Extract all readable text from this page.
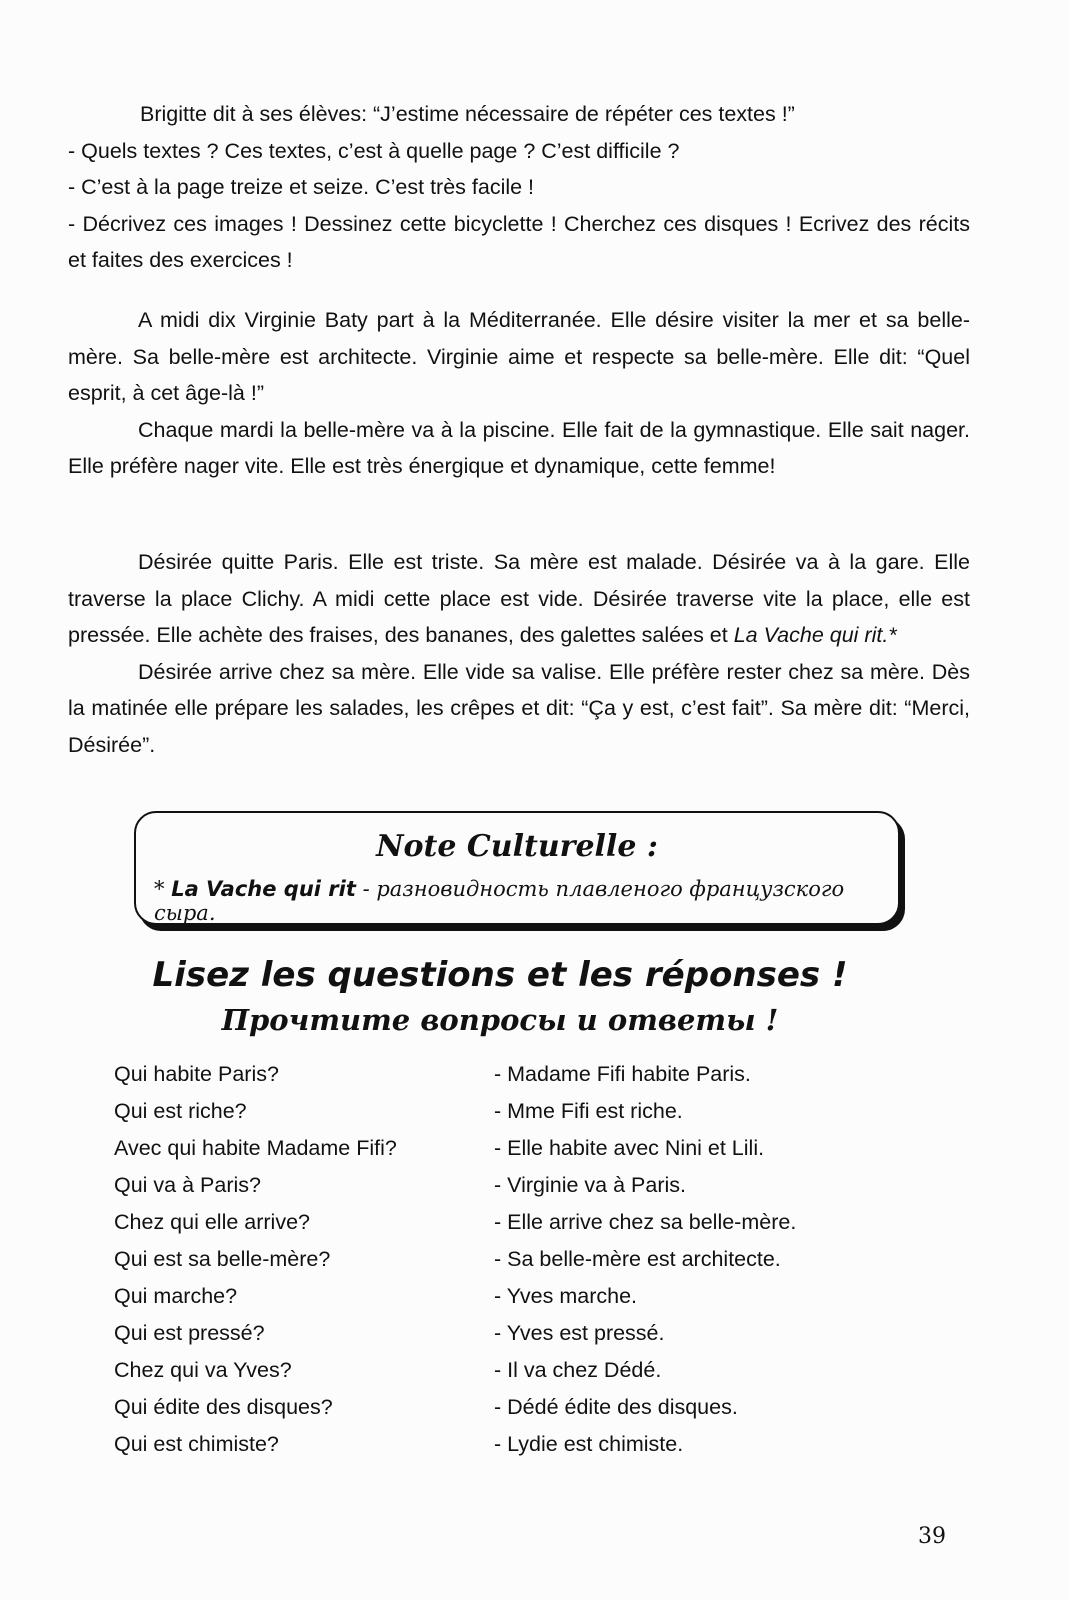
Brigitte dit à ses élèves: “J’estime nécessaire de répéter ces textes !”

- Quels textes ? Ces textes, c’est à quelle page ? C’est difficile ?

- C’est à la page treize et seize. C’est très facile !

- Décrivez ces images ! Dessinez cette bicyclette ! Cherchez ces disques ! Ecrivez des récits et faites des exercices !

A midi dix Virginie Baty part à la Méditerranée. Elle désire visiter la mer et sa belle-mère. Sa belle-mère est architecte. Virginie aime et respecte sa belle-mère. Elle dit: “Quel esprit, à cet âge-là !”

Chaque mardi la belle-mère va à la piscine. Elle fait de la gymnastique. Elle sait nager. Elle préfère nager vite. Elle est très énergique et dynamique, cette femme!

Désirée quitte Paris. Elle est triste. Sa mère est malade. Désirée va à la gare. Elle traverse la place Clichy. A midi cette place est vide. Désirée traverse vite la place, elle est pressée. Elle achète des fraises, des bananes, des galettes salées et La Vache qui rit.*

Désirée arrive chez sa mère. Elle vide sa valise. Elle préfère rester chez sa mère. Dès la matinée elle prépare les salades, les crêpes et dit: “Ça y est, c’est fait”. Sa mère dit: “Merci, Désirée”.

Note Culturelle :
* La Vache qui rit - разновидность плавленого французского сыра.
Lisez les questions et les réponses !
Прочтите вопросы и ответы !
Qui habite Paris?	- Madame Fifi habite Paris.
Qui est riche?	- Mme Fifi est riche.
Avec qui habite Madame Fifi?	- Elle habite avec Nini et Lili.
Qui va à Paris?	- Virginie va à Paris.
Chez qui elle arrive?	- Elle arrive chez sa belle-mère.
Qui est sa belle-mère?	- Sa belle-mère est architecte.
Qui marche?	- Yves marche.
Qui est pressé?	- Yves est pressé.
Chez qui va Yves?	- Il va chez Dédé.
Qui édite des disques?	- Dédé édite des disques.
Qui est chimiste?	- Lydie est chimiste.
39
